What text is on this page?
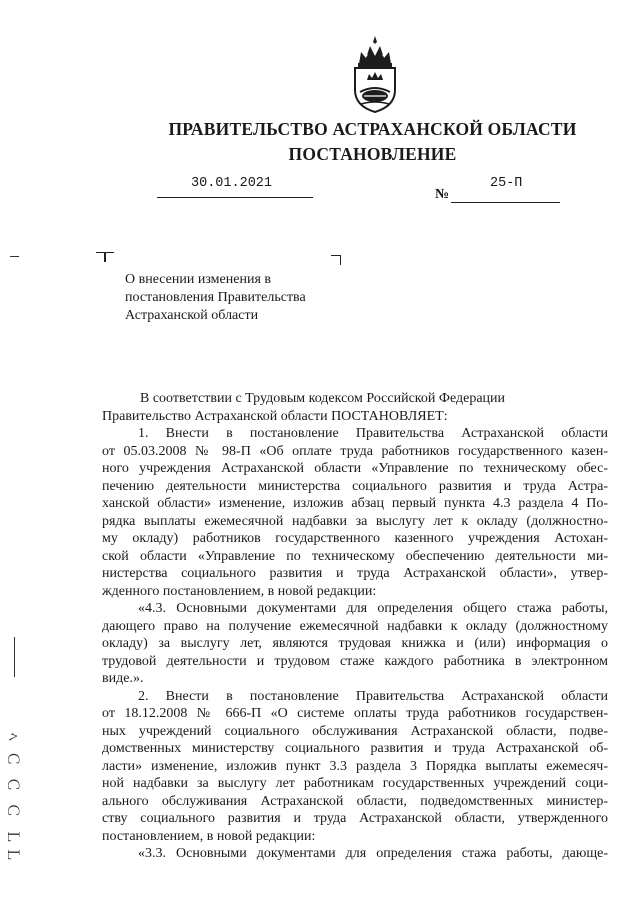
ПРАВИТЕЛЬСТВО АСТРАХАНСКОЙ ОБЛАСТИ
ПОСТАНОВЛЕНИЕ
30.01.2021
№
25-П
О внесении изменения в
постановления Правительства
Астраханской области
В соответствии с Трудовым кодексом Российской Федерации
Правительство Астраханской области ПОСТАНОВЛЯЕТ:
1. Внести в постановление Правительства Астраханской области
от 05.03.2008 № 98-П «Об оплате труда работников государственного казен-
ного учреждения Астраханской области «Управление по техническому обес-
печению деятельности министерства социального развития и труда Астра-
ханской области» изменение, изложив абзац первый пункта 4.3 раздела 4 По-
рядка выплаты ежемесячной надбавки за выслугу лет к окладу (должностно-
му окладу) работников государственного казенного учреждения Астохан-
ской области «Управление по техническому обеспечению деятельности ми-
нистерства социального развития и труда Астраханской области», утвер-
жденного постановлением, в новой редакции:
«4.3. Основными документами для определения общего стажа работы,
дающего право на получение ежемесячной надбавки к окладу (должностному
окладу) за выслугу лет, являются трудовая книжка и (или) информация о
трудовой деятельности и трудовом стаже каждого работника в электронном
виде.».
2. Внести в постановление Правительства Астраханской области
от 18.12.2008 № 666-П «О системе оплаты труда работников государствен-
ных учреждений социального обслуживания Астраханской области, подве-
домственных министерству социального развития и труда Астраханской об-
ласти» изменение, изложив пункт 3.3 раздела 3 Порядка выплаты ежемесяч-
ной надбавки за выслугу лет работникам государственных учреждений соци-
ального обслуживания Астраханской области, подведомственных министер-
ству социального развития и труда Астраханской области, утвержденного
постановлением, в новой редакции:
«3.3. Основными документами для определения стажа работы, дающе-
ﾍ Ｃ Ｃ Ｃ ＬＬ
